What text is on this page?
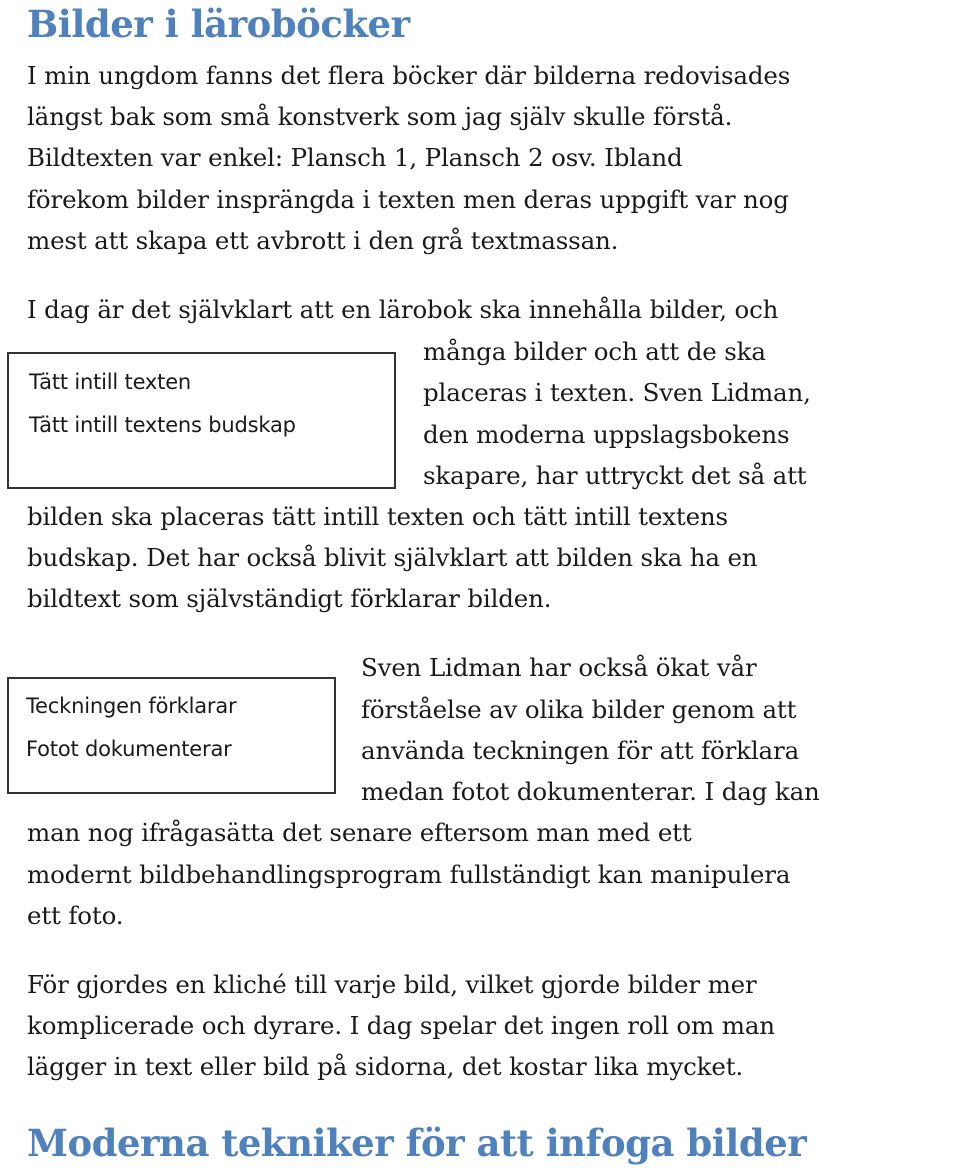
Bilder i läroböcker
I min ungdom fanns det flera böcker där bilderna redovisades
längst bak som små konstverk som jag själv skulle förstå.
Bildtexten var enkel: Plansch 1, Plansch 2 osv. Ibland
förekom bilder insprängda i texten men deras uppgift var nog
mest att skapa ett avbrott i den grå textmassan.
I dag är det självklart att en lärobok ska innehålla bilder, och
många bilder och att de ska
placeras i texten. Sven Lidman,
den moderna uppslagsbokens
skapare, har uttryckt det så att
bilden ska placeras tätt intill texten och tätt intill textens
budskap. Det har också blivit självklart att bilden ska ha en
bildtext som självständigt förklarar bilden.
Tätt intill texten
Tätt intill textens budskap
Sven Lidman har också ökat vår
förståelse av olika bilder genom att
använda teckningen för att förklara
medan fotot dokumenterar. I dag kan
man nog ifrågasätta det senare eftersom man med ett
modernt bildbehandlingsprogram fullständigt kan manipulera
ett foto.
Teckningen förklarar
Fotot dokumenterar
För gjordes en kliché till varje bild, vilket gjorde bilder mer
komplicerade och dyrare. I dag spelar det ingen roll om man
lägger in text eller bild på sidorna, det kostar lika mycket.
Moderna tekniker för att infoga bilder
